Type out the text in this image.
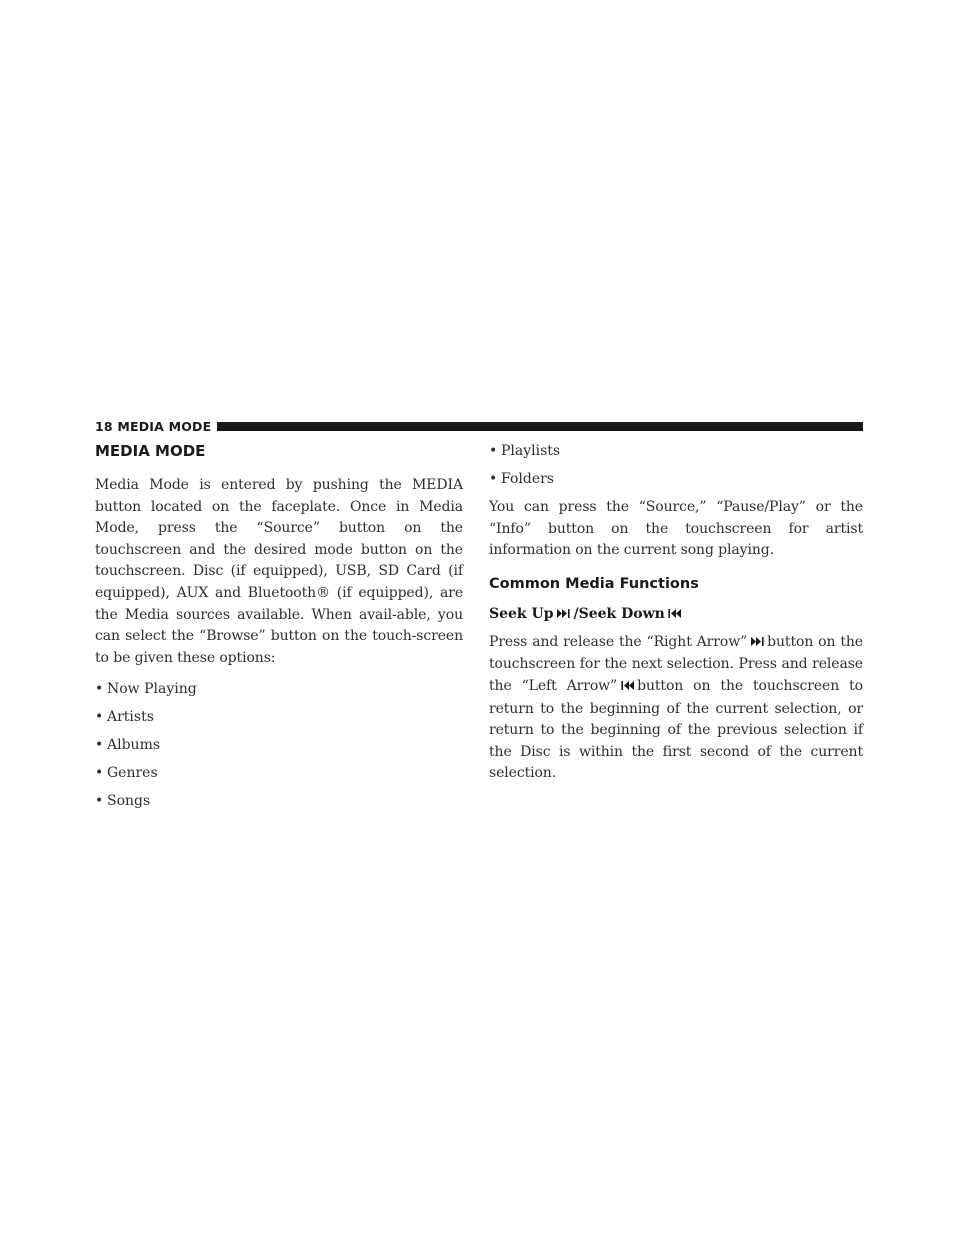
18 MEDIA MODE
MEDIA MODE

Media Mode is entered by pushing the MEDIA button located on the faceplate. Once in Media Mode, press the “Source” button on the touchscreen and the desired mode button on the touchscreen. Disc (if equipped), USB, SD Card (if equipped), AUX and Bluetooth® (if equipped), are the Media sources available. When avail-able, you can select the “Browse” button on the touch-screen to be given these options:

• Now Playing
• Artists
• Albums
• Genres
• Songs
• Playlists
• Folders

You can press the “Source,” “Pause/Play” or the “Info” button on the touchscreen for artist information on the current song playing.

Common Media Functions
Seek Up /Seek Down

Press and release the “Right Arrow” button on the touchscreen for the next selection. Press and release the “Left Arrow” button on the touchscreen to return to the beginning of the current selection, or return to the beginning of the previous selection if the Disc is within the first second of the current selection.
